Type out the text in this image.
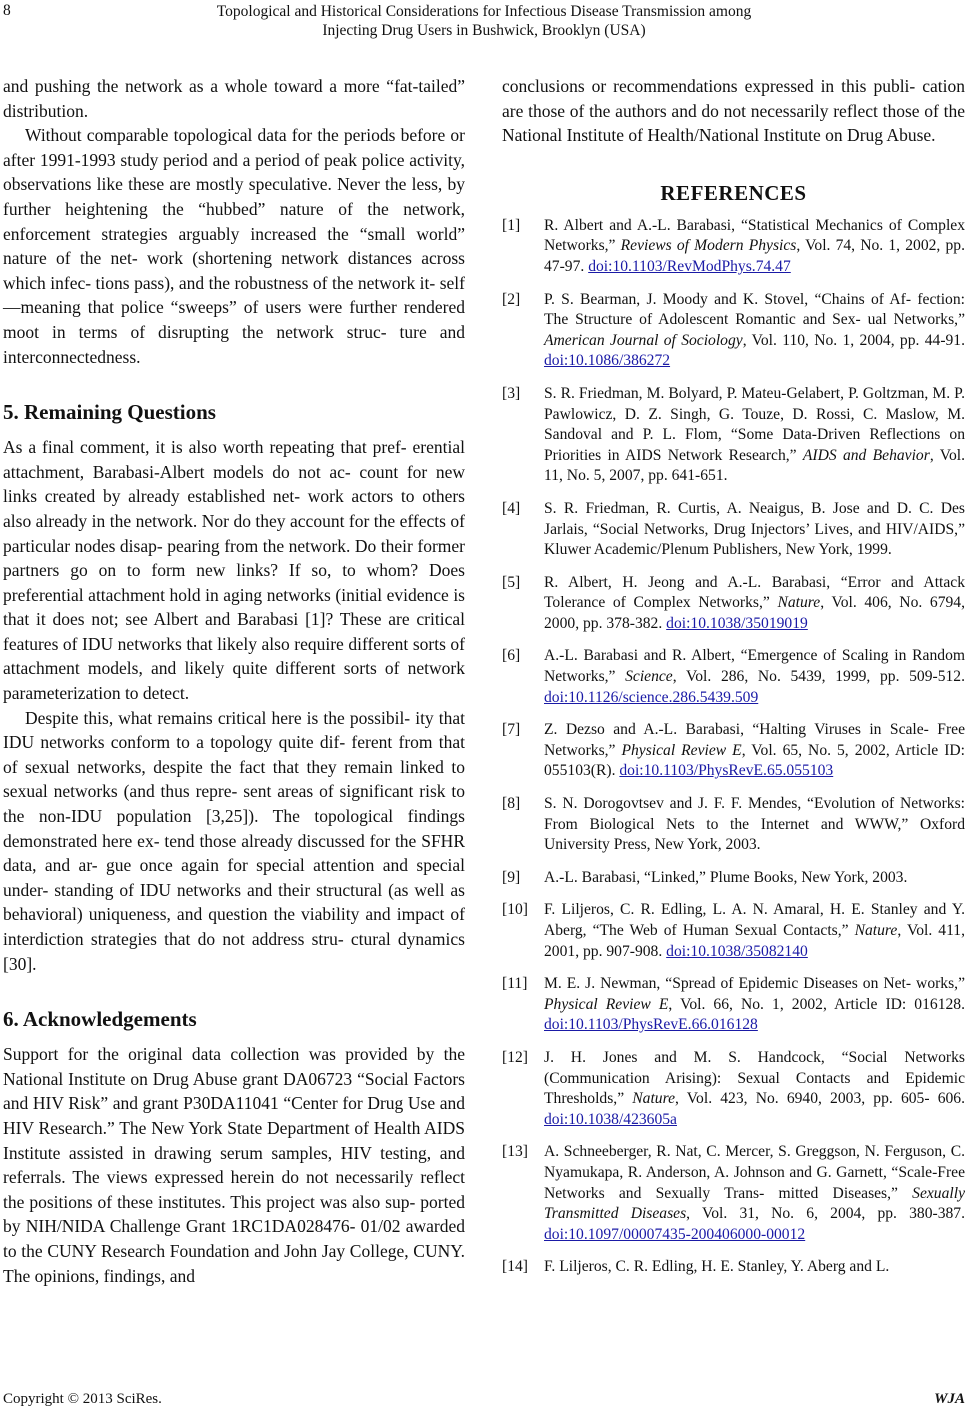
8	Topological and Historical Considerations for Infectious Disease Transmission among
Injecting Drug Users in Bushwick, Brooklyn (USA)

and pushing the network as a whole toward a more “fat-tailed” distribution.

Without comparable topological data for the periods before or after 1991-1993 study period and a period of peak police activity, observations like these are mostly speculative. Never the less, by further heightening the “hubbed” nature of the network, enforcement strategies arguably increased the “small world” nature of the net- work (shortening network distances across which infec- tions pass), and the robustness of the network it- self—meaning that police “sweeps” of users were further rendered moot in terms of disrupting the network struc- ture and interconnectedness.

5. Remaining Questions

As a final comment, it is also worth repeating that pref- erential attachment, Barabasi-Albert models do not ac- count for new links created by already established net- work actors to others also already in the network. Nor do they account for the effects of particular nodes disap- pearing from the network. Do their former partners go on to form new links? If so, to whom? Does preferential attachment hold in aging networks (initial evidence is that it does not; see Albert and Barabasi [1]? These are critical features of IDU networks that likely also require different sorts of attachment models, and likely quite different sorts of network parameterization to detect.

Despite this, what remains critical here is the possibil- ity that IDU networks conform to a topology quite dif- ferent from that of sexual networks, despite the fact that they remain linked to sexual networks (and thus repre- sent areas of significant risk to the non-IDU population [3,25]). The topological findings demonstrated here ex- tend those already discussed for the SFHR data, and ar- gue once again for special attention and special under- standing of IDU networks and their structural (as well as behavioral) uniqueness, and question the viability and impact of interdiction strategies that do not address stru- ctural dynamics [30].

6. Acknowledgements

Support for the original data collection was provided by the National Institute on Drug Abuse grant DA06723 “Social Factors and HIV Risk” and grant P30DA11041 “Center for Drug Use and HIV Research.” The New York State Department of Health AIDS Institute assisted in drawing serum samples, HIV testing, and referrals. The views expressed herein do not necessarily reflect the positions of these institutes. This project was also sup- ported by NIH/NIDA Challenge Grant 1RC1DA028476- 01/02 awarded to the CUNY Research Foundation and John Jay College, CUNY. The opinions, findings, and

conclusions or recommendations expressed in this publi- cation are those of the authors and do not necessarily reflect those of the National Institute of Health/National Institute on Drug Abuse.

REFERENCES
[1]	R. Albert and A.-L. Barabasi, “Statistical Mechanics of Complex Networks,” Reviews of Modern Physics, Vol. 74, No. 1, 2002, pp. 47-97. doi:10.1103/RevModPhys.74.47
[2]	P. S. Bearman, J. Moody and K. Stovel, “Chains of Af- fection: The Structure of Adolescent Romantic and Sex- ual Networks,” American Journal of Sociology, Vol. 110, No. 1, 2004, pp. 44-91. doi:10.1086/386272
[3]	S. R. Friedman, M. Bolyard, P. Mateu-Gelabert, P. Goltzman, M. P. Pawlowicz, D. Z. Singh, G. Touze, D. Rossi, C. Maslow, M. Sandoval and P. L. Flom, “Some Data-Driven Reflections on Priorities in AIDS Network Research,” AIDS and Behavior, Vol. 11, No. 5, 2007, pp. 641-651.
[4]	S. R. Friedman, R. Curtis, A. Neaigus, B. Jose and D. C. Des Jarlais, “Social Networks, Drug Injectors’ Lives, and HIV/AIDS,” Kluwer Academic/Plenum Publishers, New York, 1999.
[5]	R. Albert, H. Jeong and A.-L. Barabasi, “Error and Attack Tolerance of Complex Networks,” Nature, Vol. 406, No. 6794, 2000, pp. 378-382. doi:10.1038/35019019
[6]	A.-L. Barabasi and R. Albert, “Emergence of Scaling in Random Networks,” Science, Vol. 286, No. 5439, 1999, pp. 509-512. doi:10.1126/science.286.5439.509
[7]	Z. Dezso and A.-L. Barabasi, “Halting Viruses in Scale- Free Networks,” Physical Review E, Vol. 65, No. 5, 2002, Article ID: 055103(R). doi:10.1103/PhysRevE.65.055103
[8]	S. N. Dorogovtsev and J. F. F. Mendes, “Evolution of Networks: From Biological Nets to the Internet and WWW,” Oxford University Press, New York, 2003.
[9]	A.-L. Barabasi, “Linked,” Plume Books, New York, 2003.
[10]	F. Liljeros, C. R. Edling, L. A. N. Amaral, H. E. Stanley and Y. Aberg, “The Web of Human Sexual Contacts,” Nature, Vol. 411, 2001, pp. 907-908. doi:10.1038/35082140
[11]	M. E. J. Newman, “Spread of Epidemic Diseases on Net- works,” Physical Review E, Vol. 66, No. 1, 2002, Article ID: 016128. doi:10.1103/PhysRevE.66.016128
[12]	J. H. Jones and M. S. Handcock, “Social Networks (Communication Arising): Sexual Contacts and Epidemic Thresholds,” Nature, Vol. 423, No. 6940, 2003, pp. 605- 606. doi:10.1038/423605a
[13]	A. Schneeberger, R. Nat, C. Mercer, S. Greggson, N. Ferguson, C. Nyamukapa, R. Anderson, A. Johnson and G. Garnett, “Scale-Free Networks and Sexually Trans- mitted Diseases,” Sexually Transmitted Diseases, Vol. 31, No. 6, 2004, pp. 380-387. doi:10.1097/00007435-200406000-00012
[14]	F. Liljeros, C. R. Edling, H. E. Stanley, Y. Aberg and L.
Copyright © 2013 SciRes.	WJA
